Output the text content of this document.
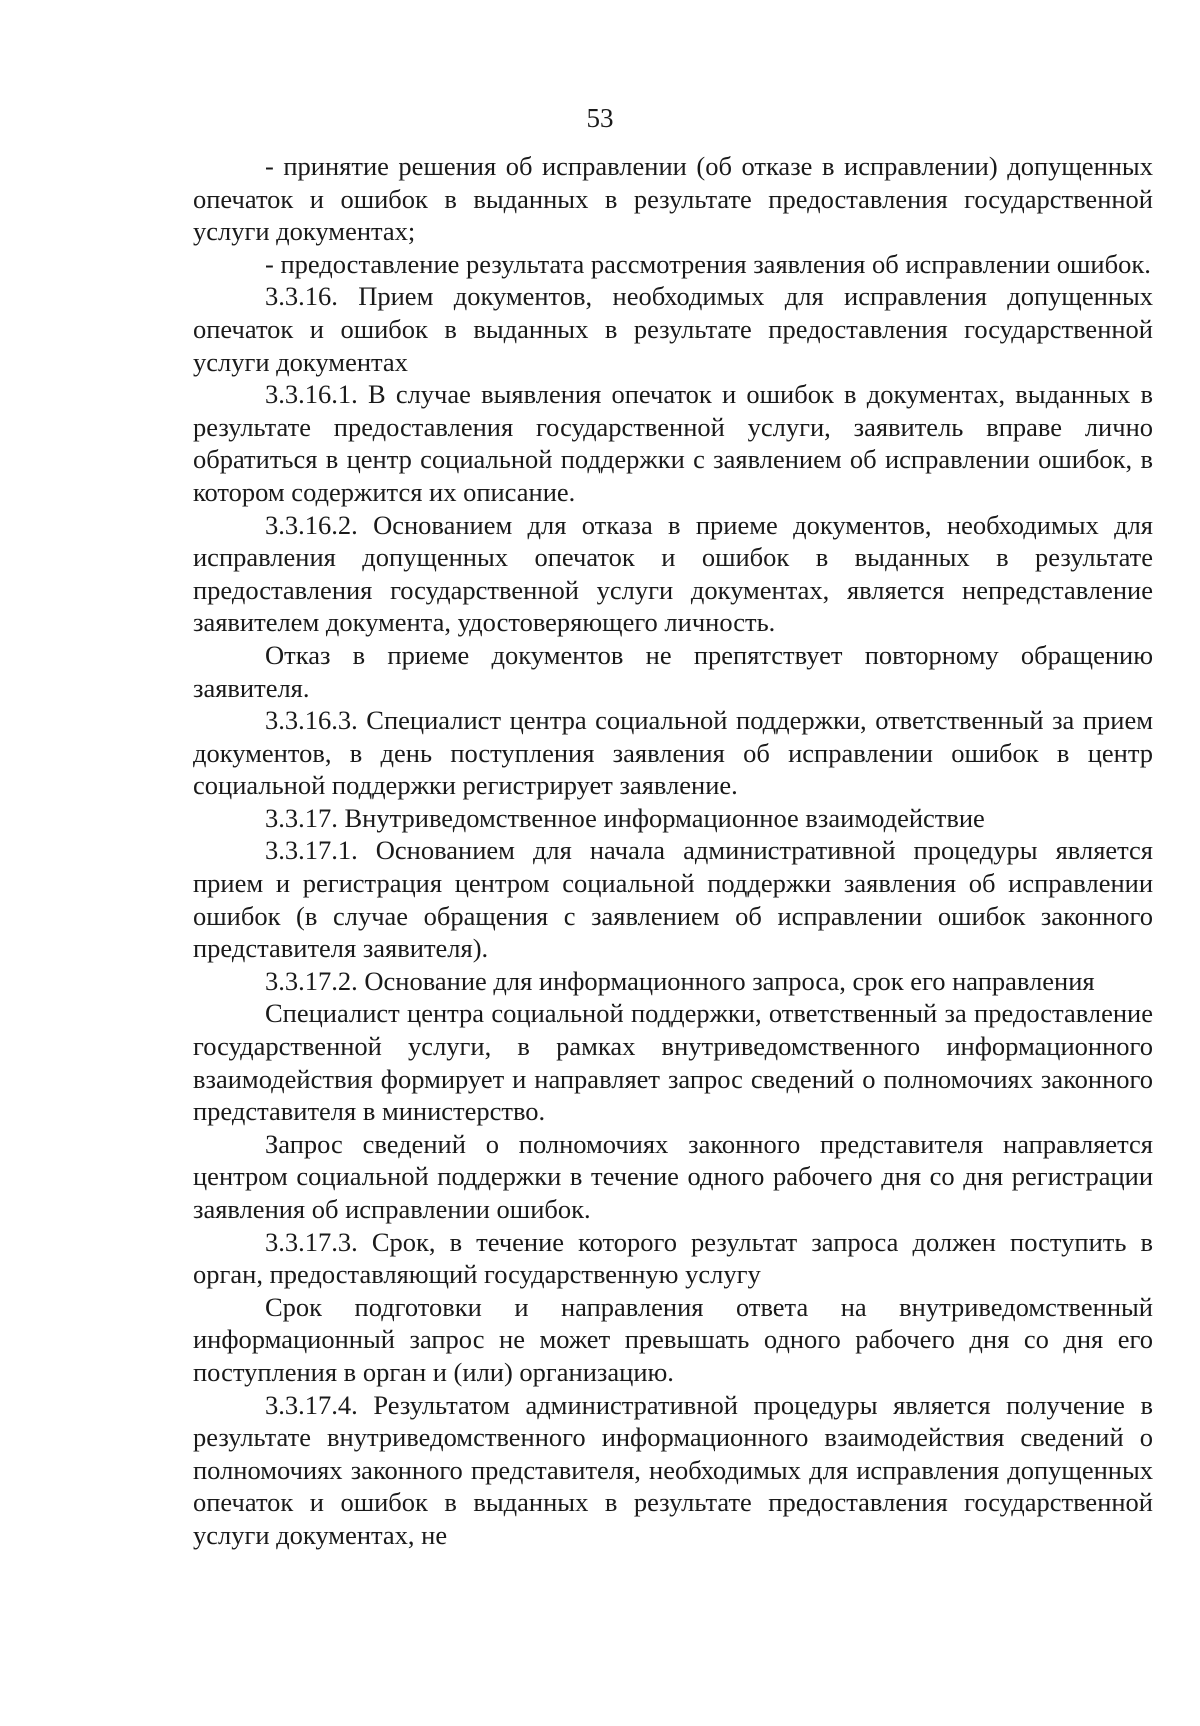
53

- принятие решения об исправлении (об отказе в исправлении) допущенных опечаток и ошибок в выданных в результате предоставления государственной услуги документах;

- предоставление результата рассмотрения заявления об исправлении ошибок.

3.3.16. Прием документов, необходимых для исправления допущенных опечаток и ошибок в выданных в результате предоставления государственной услуги документах

3.3.16.1. В случае выявления опечаток и ошибок в документах, выданных в результате предоставления государственной услуги, заявитель вправе лично обратиться в центр социальной поддержки с заявлением об исправлении ошибок, в котором содержится их описание.

3.3.16.2. Основанием для отказа в приеме документов, необходимых для исправления допущенных опечаток и ошибок в выданных в результате предоставления государственной услуги документах, является непредставление заявителем документа, удостоверяющего личность.

Отказ в приеме документов не препятствует повторному обращению заявителя.

3.3.16.3. Специалист центра социальной поддержки, ответственный за прием документов, в день поступления заявления об исправлении ошибок в центр социальной поддержки регистрирует заявление.

3.3.17. Внутриведомственное информационное взаимодействие

3.3.17.1. Основанием для начала административной процедуры является прием и регистрация центром социальной поддержки заявления об исправлении ошибок (в случае обращения с заявлением об исправлении ошибок законного представителя заявителя).

3.3.17.2. Основание для информационного запроса, срок его направления

Специалист центра социальной поддержки, ответственный за предоставление государственной услуги, в рамках внутриведомственного информационного взаимодействия формирует и направляет запрос сведений о полномочиях законного представителя в министерство.

Запрос сведений о полномочиях законного представителя направляется центром социальной поддержки в течение одного рабочего дня со дня регистрации заявления об исправлении ошибок.

3.3.17.3. Срок, в течение которого результат запроса должен поступить в орган, предоставляющий государственную услугу

Срок подготовки и направления ответа на внутриведомственный информационный запрос не может превышать одного рабочего дня со дня его поступления в орган и (или) организацию.

3.3.17.4. Результатом административной процедуры является получение в результате внутриведомственного информационного взаимодействия сведений о полномочиях законного представителя, необходимых для исправления допущенных опечаток и ошибок в выданных в результате предоставления государственной услуги документах, не
